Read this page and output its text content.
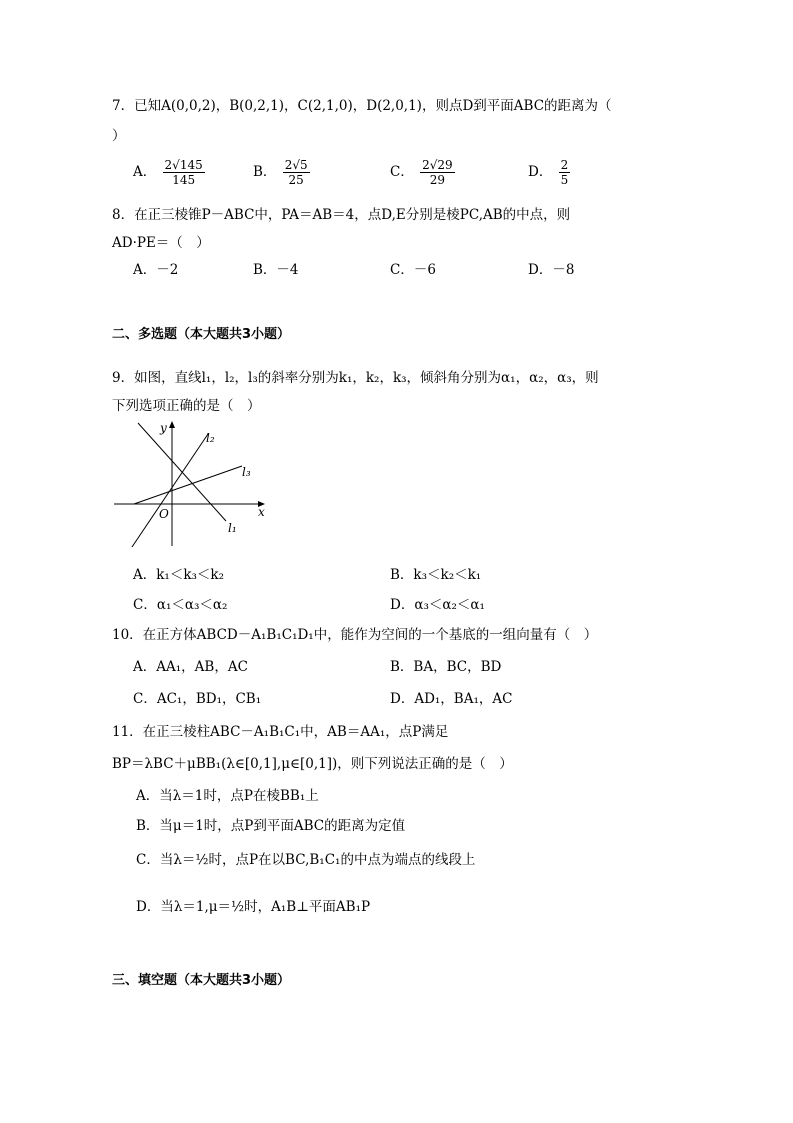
7．已知A(0,0,2)，B(0,2,1)，C(2,1,0)，D(2,0,1)，则点D到平面ABC的距离为（
）
A． $\frac{2√145}{145}$	B． $\frac{2√5}{25}$	C． $\frac{2√29}{29}$	D． $\frac{2}{5}$
8．在正三棱锥P－ABC中，PA＝AB＝4，点D,E分别是棱PC,AB的中点，则
AD·PE＝（　）
A．－2	B．－4	C．－6	D．－8
二、多选题（本大题共3小题）
9．如图，直线l₁，l₂，l₃的斜率分别为k₁，k₂，k₃，倾斜角分别为α₁，α₂，α₃，则
下列选项正确的是（　）
y
x
O
l₁
l₂
l₃
A．k₁＜k₃＜k₂	B．k₃＜k₂＜k₁
C．α₁＜α₃＜α₂	D．α₃＜α₂＜α₁
10．在正方体ABCD－A₁B₁C₁D₁中，能作为空间的一个基底的一组向量有（　）
A．AA₁，AB，AC	B．BA，BC，BD
C．AC₁，BD₁，CB₁	D．AD₁，BA₁，AC
11．在正三棱柱ABC－A₁B₁C₁中，AB＝AA₁，点P满足
BP＝λBC＋μBB₁(λ∈[0,1],μ∈[0,1])，则下列说法正确的是（　）
A．当λ＝1时，点P在棱BB₁上
B．当μ＝1时，点P到平面ABC的距离为定值
C．当λ＝½时，点P在以BC,B₁C₁的中点为端点的线段上
D．当λ＝1,μ＝½时，A₁B⊥平面AB₁P
三、填空题（本大题共3小题）
